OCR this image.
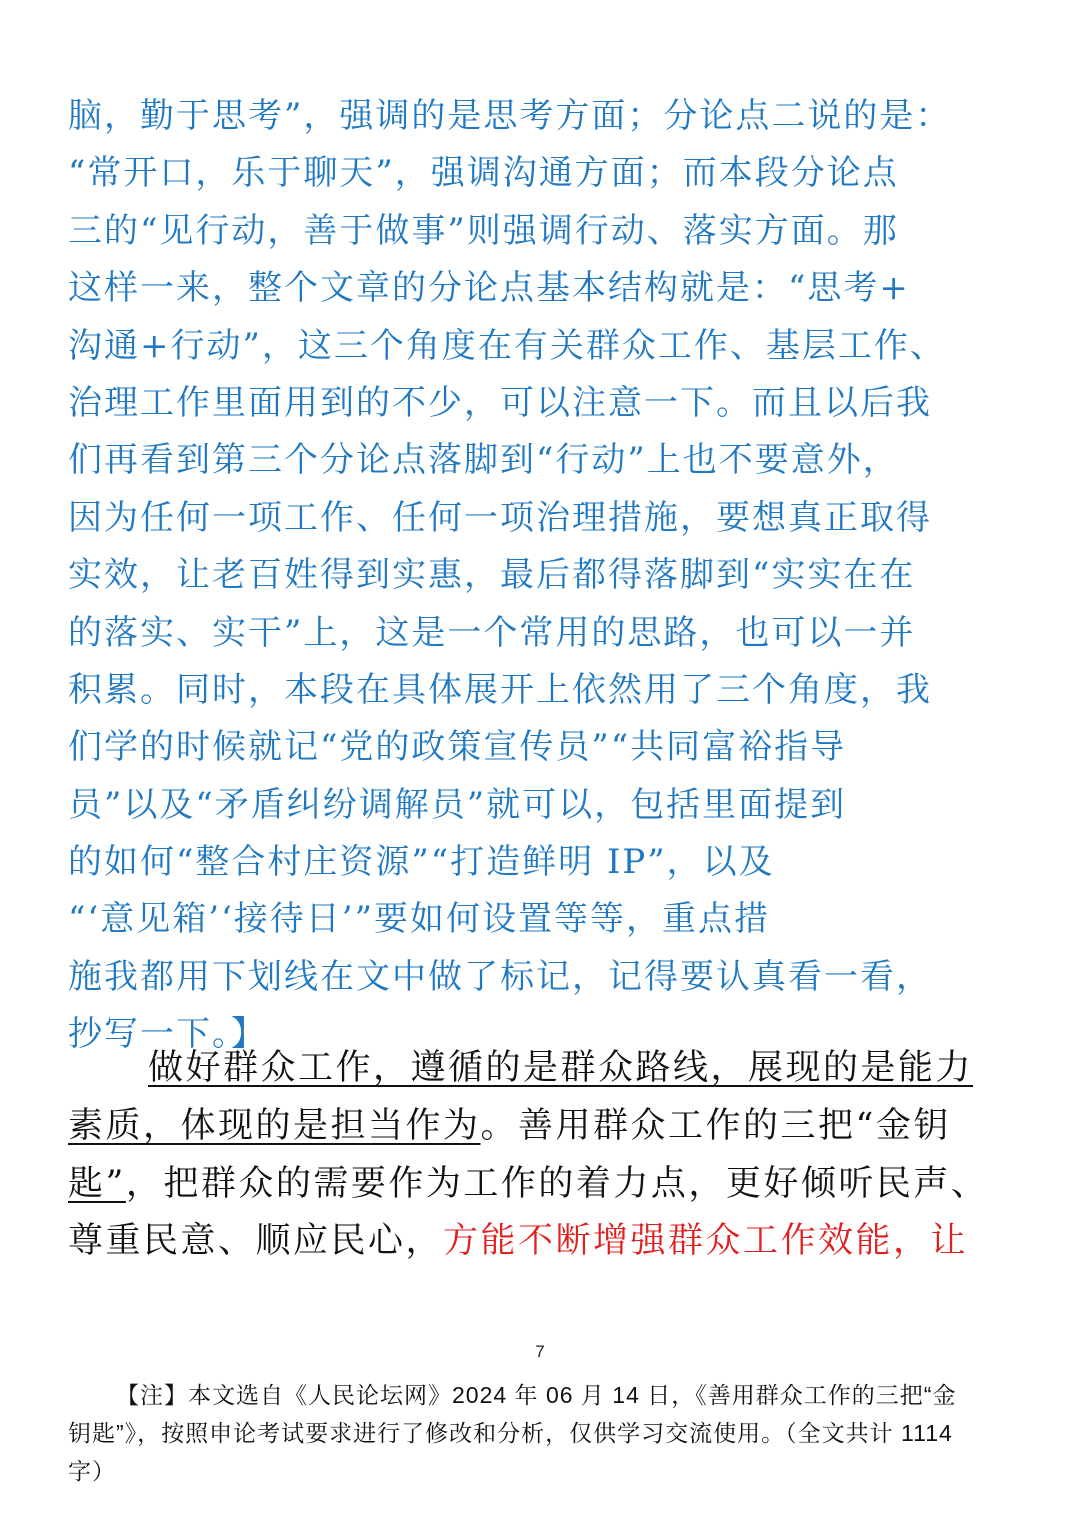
脑，勤于思考”，强调的是思考方面；分论点二说的是：
“常开口，乐于聊天”，强调沟通方面；而本段分论点
三的“见行动，善于做事”则强调行动、落实方面。那
这样一来，整个文章的分论点基本结构就是：“思考+
沟通+行动”，这三个角度在有关群众工作、基层工作、
治理工作里面用到的不少，可以注意一下。而且以后我
们再看到第三个分论点落脚到“行动”上也不要意外，
因为任何一项工作、任何一项治理措施，要想真正取得
实效，让老百姓得到实惠，最后都得落脚到“实实在在
的落实、实干”上，这是一个常用的思路，也可以一并
积累。同时，本段在具体展开上依然用了三个角度，我
们学的时候就记“党的政策宣传员”“共同富裕指导
员”以及“矛盾纠纷调解员”就可以，包括里面提到
的如何“整合村庄资源”“打造鲜明 IP”，以及
“‘意见箱’‘接待日’”要如何设置等等，重点措
施我都用下划线在文中做了标记，记得要认真看一看，
抄写一下。】
做好群众工作，遵循的是群众路线，展现的是能力
素质，体现的是担当作为。善用群众工作的三把“金钥
匙”，把群众的需要作为工作的着力点，更好倾听民声、
尊重民意、顺应民心，方能不断增强群众工作效能，让
7
【注】本文选自《人民论坛网》2024 年 06 月 14 日，《善用群众工作的三把“金
钥匙”》，按照申论考试要求进行了修改和分析，仅供学习交流使用。（全文共计 1114
字）
